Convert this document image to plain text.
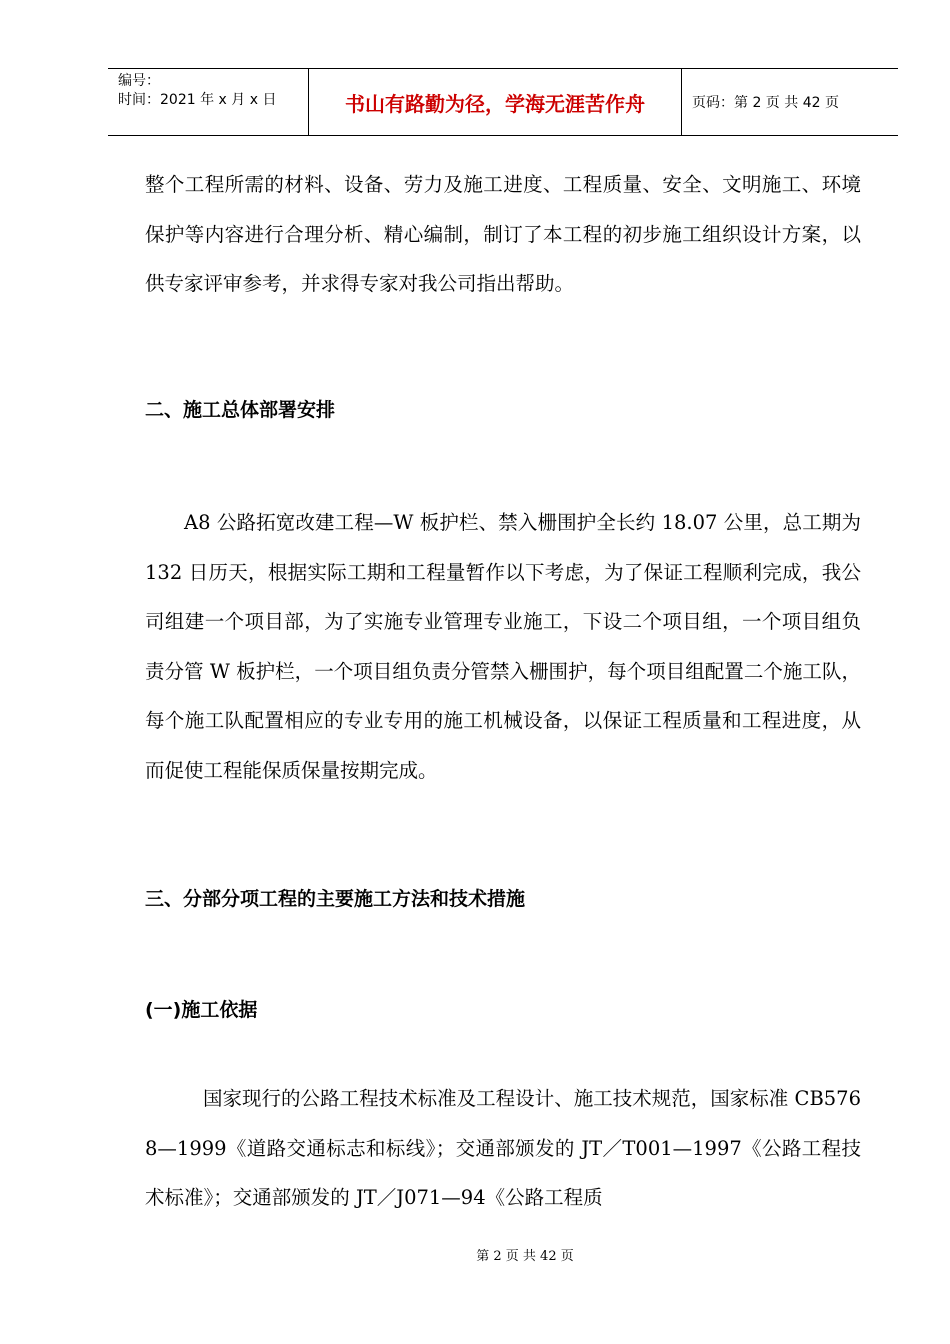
编号：
时间：2021 年 x 月 x 日	书山有路勤为径，学海无涯苦作舟	页码：第 2 页 共 42 页

整个工程所需的材料、设备、劳力及施工进度、工程质量、安全、文明施工、环境保护等内容进行合理分析、精心编制，制订了本工程的初步施工组织设计方案，以供专家评审参考，并求得专家对我公司指出帮助。

二、施工总体部署安排

A8 公路拓宽改建工程—W 板护栏、禁入栅围护全长约 18.07 公里，总工期为 132 日历天，根据实际工期和工程量暂作以下考虑，为了保证工程顺利完成，我公司组建一个项目部，为了实施专业管理专业施工，下设二个项目组，一个项目组负责分管 W 板护栏，一个项目组负责分管禁入栅围护，每个项目组配置二个施工队，每个施工队配置相应的专业专用的施工机械设备，以保证工程质量和工程进度，从而促使工程能保质保量按期完成。

三、分部分项工程的主要施工方法和技术措施
(一)施工依据

国家现行的公路工程技术标准及工程设计、施工技术规范，国家标准 CB5768—1999《道路交通标志和标线》；交通部颁发的 JT／T001—1997《公路工程技术标准》；交通部颁发的 JT／J071—94《公路工程质

第 2 页 共 42 页
